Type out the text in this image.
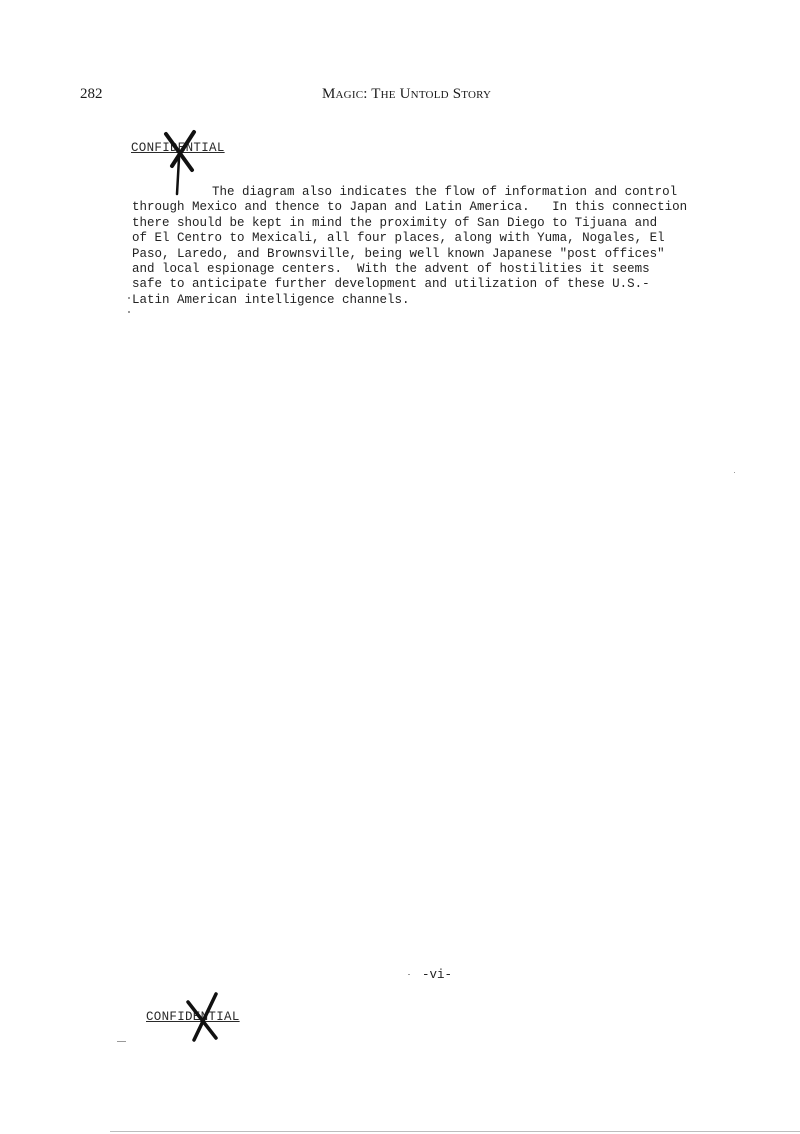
282	Magic: The Untold Story
CONFIDENTIAL
The diagram also indicates the flow of information and control
through Mexico and thence to Japan and Latin America.   In this connection
there should be kept in mind the proximity of San Diego to Tijuana and
of El Centro to Mexicali, all four places, along with Yuma, Nogales, El
Paso, Laredo, and Brownsville, being well known Japanese "post offices"
and local espionage centers.  With the advent of hostilities it seems
safe to anticipate further development and utilization of these U.S.-
Latin American intelligence channels.
-vi-
CONFIDENTIAL
